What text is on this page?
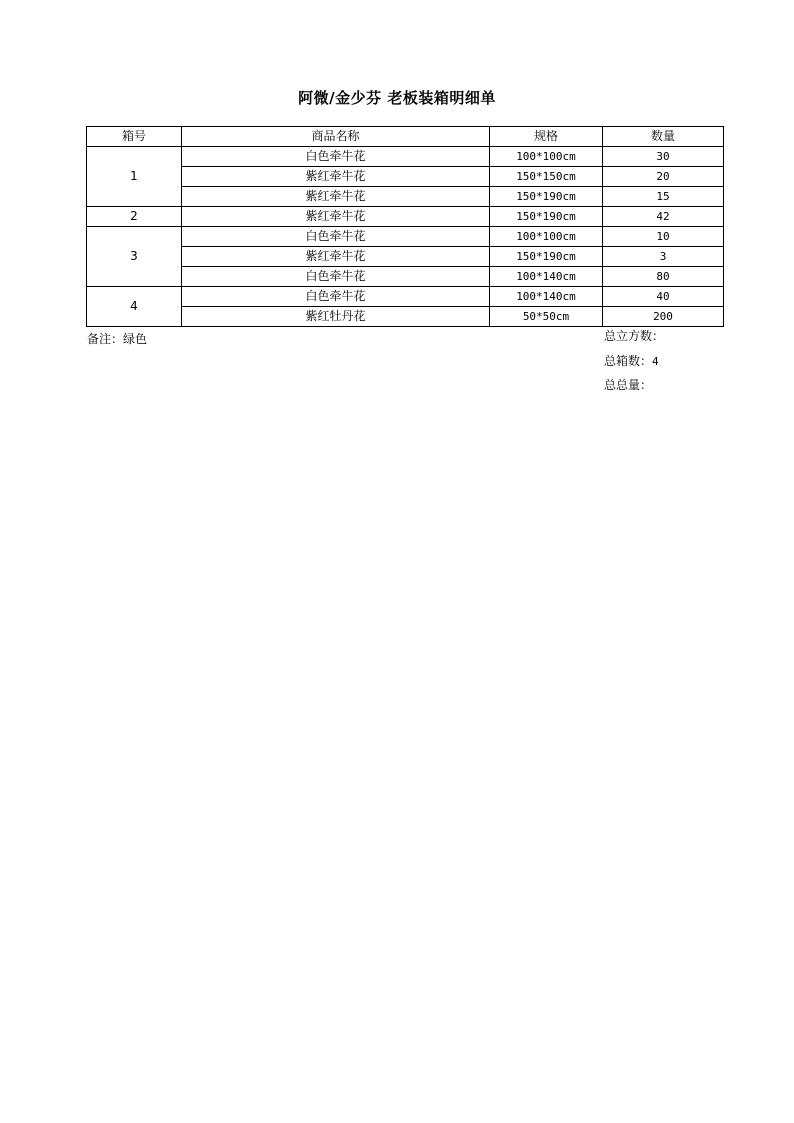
阿微/金少芬 老板装箱明细单
箱号	商品名称	规格	数量
1	白色牵牛花	100*100cm	30
	紫红牵牛花	150*150cm	20
	紫红牵牛花	150*190cm	15
2	紫红牵牛花	150*190cm	42
3	白色牵牛花	100*100cm	10
	紫红牵牛花	150*190cm	3
	白色牵牛花	100*140cm	80
4	白色牵牛花	100*140cm	40
	紫红牡丹花	50*50cm	200
备注：绿色	总立方数：
总箱数：4
总总量：
